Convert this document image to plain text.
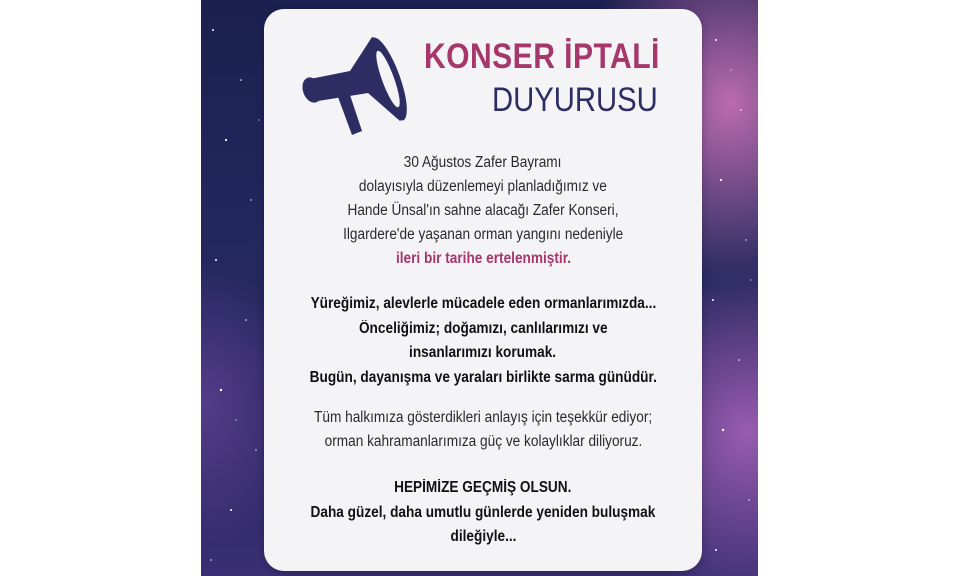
KONSER İPTALİ
DUYURUSU
30 Ağustos Zafer Bayramı
dolayısıyla düzenlemeyi planladığımız ve
Hande Ünsal'ın sahne alacağı Zafer Konseri,
Ilgardere'de yaşanan orman yangını nedeniyle
ileri bir tarihe ertelenmiştir.
Yüreğimiz, alevlerle mücadele eden ormanlarımızda...
Önceliğimiz; doğamızı, canlılarımızı ve
insanlarımızı korumak.
Bugün, dayanışma ve yaraları birlikte sarma günüdür.
Tüm halkımıza gösterdikleri anlayış için teşekkür ediyor;
orman kahramanlarımıza güç ve kolaylıklar diliyoruz.
HEPİMİZE GEÇMİŞ OLSUN.
Daha güzel, daha umutlu günlerde yeniden buluşmak
dileğiyle...
